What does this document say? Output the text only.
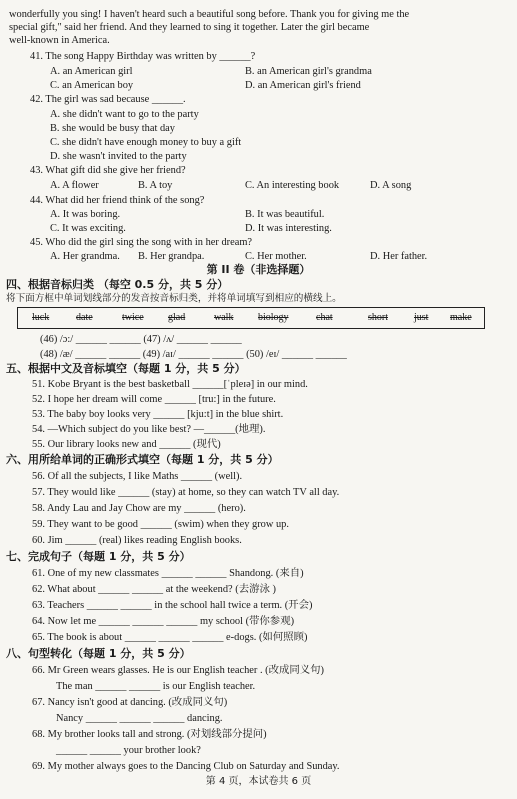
wonderfully you sing! I haven't heard such a beautiful song before. Thank you for giving me the
special gift," said her friend. And they learned to sing it together. Later the girl became
well-known in America.
41. The song Happy Birthday was written by ______?
A. an American girl	B. an American girl's grandma
C. an American boy	D. an American girl's friend
42. The girl was sad because ______.
A. she didn't want to go to the party
B. she would be busy that day
C. she didn't have enough money to buy a gift
D. she wasn't invited to the party
43. What gift did she give her friend?
A. A flower	B. A toy	C. An interesting book	D. A song
44. What did her friend think of the song?
A. It was boring.	B. It was beautiful.
C. It was exciting.	D. It was interesting.
45. Who did the girl sing the song with in her dream?
A. Her grandma. B. Her grandpa.	C. Her mother.	D. Her father.
第 II 卷（非选择题）
四、根据音标归类 （每空 0.5 分，共 5 分）
将下面方框中单词划线部分的发音按音标归类，并将单词填写到相应的横线上。
luck	date	twice glad	walk biology	chat	short	just make
(46) /ɔ:/ ______ ______ (47) /ʌ/ ______ ______
(48) /æ/ ______ ______ (49) /aɪ/ ______ ______ (50) /eɪ/ ______ ______
五、根据中文及音标填空（每题 1 分，共 5 分）
51. Kobe Bryant is the best basketball ______[ˈpleɪə] in our mind.
52. I hope her dream will come ______ [tru:] in the future.
53. The baby boy looks very ______ [kju:t] in the blue shirt.
54. —Which subject do you like best? —______(地理).
55. Our library looks new and ______ (现代)
六、用所给单词的正确形式填空（每题 1 分，共 5 分）
56. Of all the subjects, I like Maths ______ (well).
57. They would like ______ (stay) at home, so they can watch TV all day.
58. Andy Lau and Jay Chow are my ______ (hero).
59. They want to be good ______ (swim) when they grow up.
60. Jim ______ (real) likes reading English books.
七、完成句子（每题 1 分，共 5 分）
61. One of my new classmates ______ ______ Shandong. (来自)
62. What about ______ ______ at the weekend? (去游泳 )
63. Teachers ______ ______ in the school hall twice a term. (开会)
64. Now let me ______ ______ ______ my school (带你参观)
65. The book is about ______ ______ ______ e-dogs. (如何照顾)
八、句型转化（每题 1 分，共 5 分）
66. Mr Green wears glasses. He is our English teacher . (改成同义句)
The man ______ ______ is our English teacher.
67. Nancy isn't good at dancing. (改成同义句)
Nancy ______ ______ ______ dancing.
68. My brother looks tall and strong. (对划线部分提问)
______ ______ your brother look?
69. My mother always goes to the Dancing Club on Saturday and Sunday.
第 4 页，本试卷共 6 页
